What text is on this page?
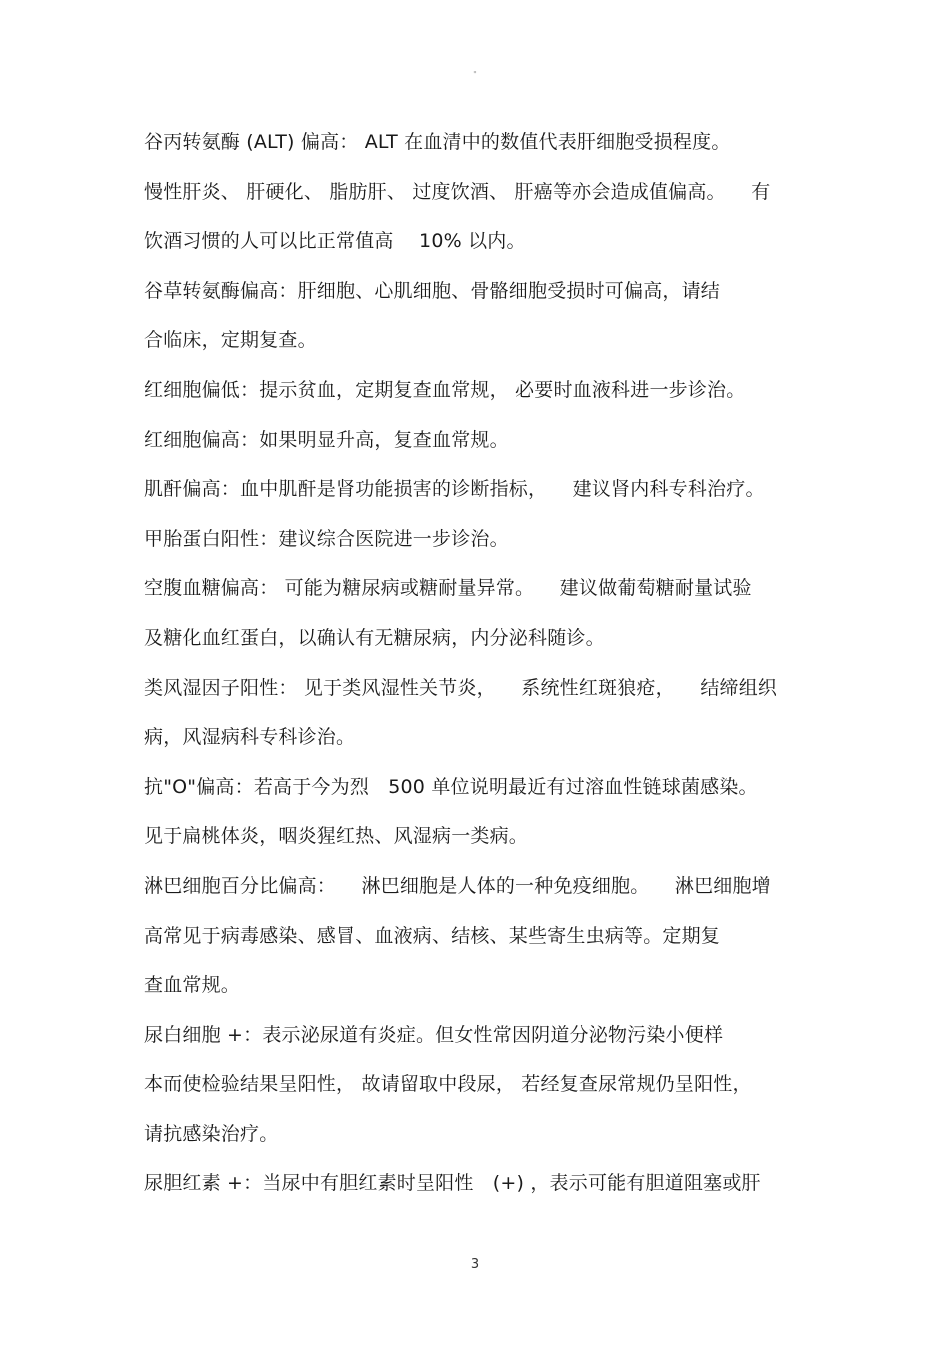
"
谷丙转氨酶 (ALT) 偏高： ALT 在血清中的数值代表肝细胞受损程度。
慢性肝炎、 肝硬化、 脂肪肝、 过度饮酒、 肝癌等亦会造成值偏高。 　有
饮酒习惯的人可以比正常值高　 10% 以内。
谷草转氨酶偏高：肝细胞、心肌细胞、骨骼细胞受损时可偏高，请结
合临床，定期复查。
红细胞偏低：提示贫血，定期复查血常规， 必要时血液科进一步诊治。
红细胞偏高：如果明显升高，复查血常规。
肌酐偏高：血中肌酐是肾功能损害的诊断指标， 　建议肾内科专科治疗。
甲胎蛋白阳性：建议综合医院进一步诊治。
空腹血糖偏高： 可能为糖尿病或糖耐量异常。 　建议做葡萄糖耐量试验
及糖化血红蛋白，以确认有无糖尿病，内分泌科随诊。
类风湿因子阳性： 见于类风湿性关节炎， 　系统性红斑狼疮， 　结缔组织
病，风湿病科专科诊治。
抗"O"偏高：若高于今为烈　500 单位说明最近有过溶血性链球菌感染。
见于扁桃体炎，咽炎猩红热、风湿病一类病。
淋巴细胞百分比偏高： 　淋巴细胞是人体的一种免疫细胞。 　淋巴细胞增
高常见于病毒感染、感冒、血液病、结核、某些寄生虫病等。定期复
查血常规。
尿白细胞 +：表示泌尿道有炎症。但女性常因阴道分泌物污染小便样
本而使检验结果呈阳性， 故请留取中段尿， 若经复查尿常规仍呈阳性，
请抗感染治疗。
尿胆红素 +：当尿中有胆红素时呈阳性　(+) ，表示可能有胆道阻塞或肝
3
